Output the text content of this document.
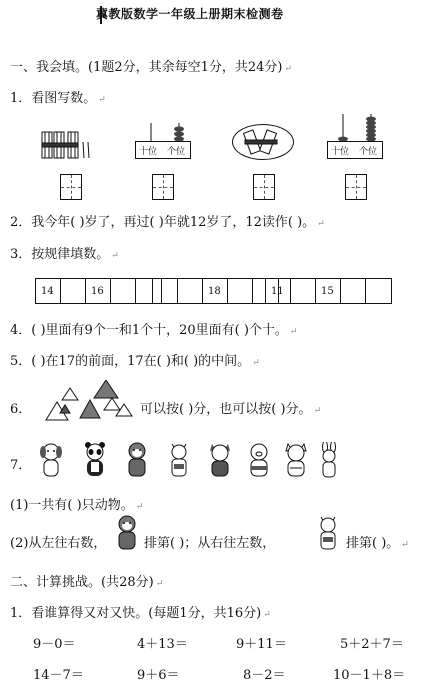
冀教版数学一年级上册期末检测卷
一、我会填。(1题2分，其余每空1分，共24分) ↵
1．看图写数。 ↵
十位 个位	十位 个位
2．我今年( )岁了，再过( )年就12岁了，12读作( )。 ↵
3．按规律填数。 ↵
14	16	18	11	15
4．( )里面有9个一和1个十，20里面有( )个十。 ↵
5．( )在17的前面，17在( )和( )的中间。 ↵
6．	可以按( )分，也可以按( )分。 ↵
7．
(1)一共有( )只动物。 ↵
(2)从左往右数，	排第( )；从右往左数，	排第( )。 ↵
二、计算挑战。(共28分) ↵
1．看谁算得又对又快。(每题1分，共16分) ↵
9－0＝	4＋13＝	9＋11＝	5＋2＋7＝
14－7＝	9＋6＝	8－2＝	10－1＋8＝
